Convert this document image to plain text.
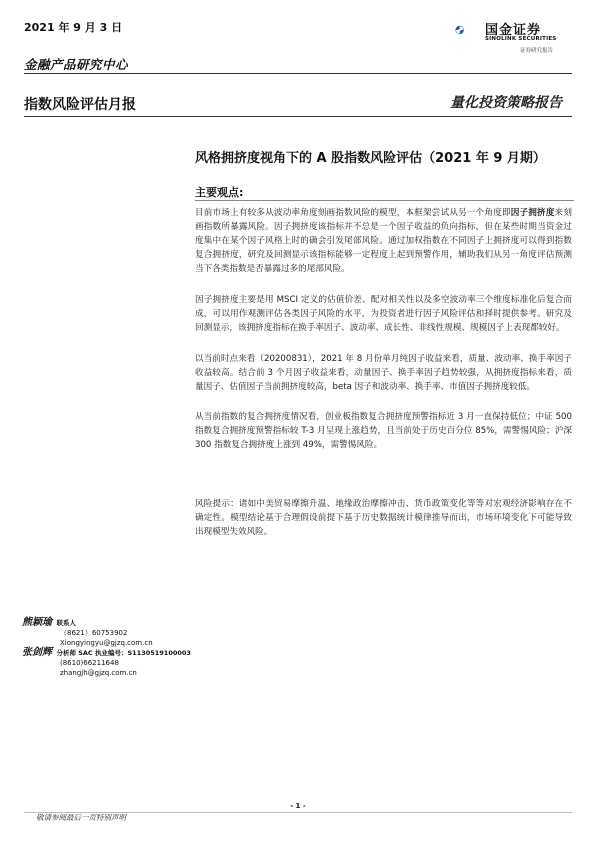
2021 年 9 月 3 日
金融产品研究中心
指数风险评估月报	量化投资策略报告
国金证券
SINOLINK SECURITIES
证券研究报告
风格拥挤度视角下的 A 股指数风险评估（2021 年 9 月期）
主要观点:

目前市场上有较多从波动率角度刻画指数风险的模型，本框架尝试从另一个角度即因子拥挤度来刻画指数所暴露风险。因子拥挤度该指标并不总是一个因子收益的负向指标，但在某些时期当资金过度集中在某个因子风格上时的确会引发尾部风险。通过加权指数在不同因子上拥挤度可以得到指数复合拥挤度，研究及回测显示该指标能够一定程度上起到预警作用，辅助我们从另一角度评估预测当下各类指数是否暴露过多的尾部风险。

因子拥挤度主要是用 MSCI 定义的估值价差、配对相关性以及多空波动率三个维度标准化后复合而成，可以用作观测评估各类因子风险的水平，为投资者进行因子风险评估和择时提供参考。研究及回测显示，该拥挤度指标在换手率因子、波动率、成长性、非线性规模、规模因子上表现都较好。

以当前时点来看（20200831），2021 年 8 月份单月纯因子收益来看，质量、波动率、换手率因子收益较高。结合前 3 个月因子收益来看，动量因子、换手率因子趋势较强，从拥挤度指标来看，质量因子、估值因子当前拥挤度较高，beta 因子和波动率、换手率、市值因子拥挤度较低。

从当前指数的复合拥挤度情况看，创业板指数复合拥挤度预警指标近 3 月一直保持低位；中证 500 指数复合拥挤度预警指标较 T-3 月呈现上涨趋势，且当前处于历史百分位 85%，需警惕风险；沪深 300 指数复合拥挤度上涨到 49%，需警惕风险。

风险提示：诸如中美贸易摩擦升温、地缘政治摩擦冲击、货币政策变化等等对宏观经济影响存在不确定性。模型结论基于合理假设前提下基于历史数据统计模律推导而出，市场环境变化下可能导致出现模型失效风险。

熊颖瑜 联系人
（8621）60753902
Xiongyingyu@gjzq.com.cn
张剑辉 分析师 SAC 执业编号：S1130519100003
(8610)66211648
zhangjh@gjzq.com.cn
- 1 -
敬请参阅最后一页特别声明
